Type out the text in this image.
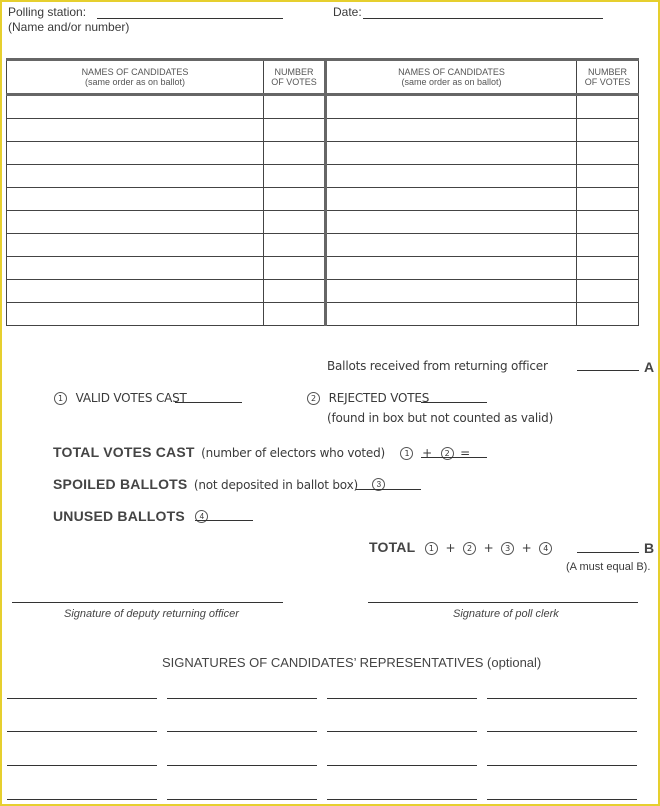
Polling station:
(Name and/or number)
Date:
NAMES OF CANDIDATES
(same order as on ballot)	NUMBER
OF VOTES	NAMES OF CANDIDATES
(same order as on ballot)	NUMBER
OF VOTES

Ballots received from returning officer	A
1 VALID VOTES CAST	2 REJECTED VOTES
(found in box but not counted as valid)
TOTAL VOTES CAST (number of electors who voted) 1 + 2 =
SPOILED BALLOTS (not deposited in ballot box) 3
UNUSED BALLOTS 4
TOTAL 1 + 2 + 3 + 4	B
(A must equal B).
Signature of deputy returning officer	Signature of poll clerk
SIGNATURES OF CANDIDATES’ REPRESENTATIVES (optional)
